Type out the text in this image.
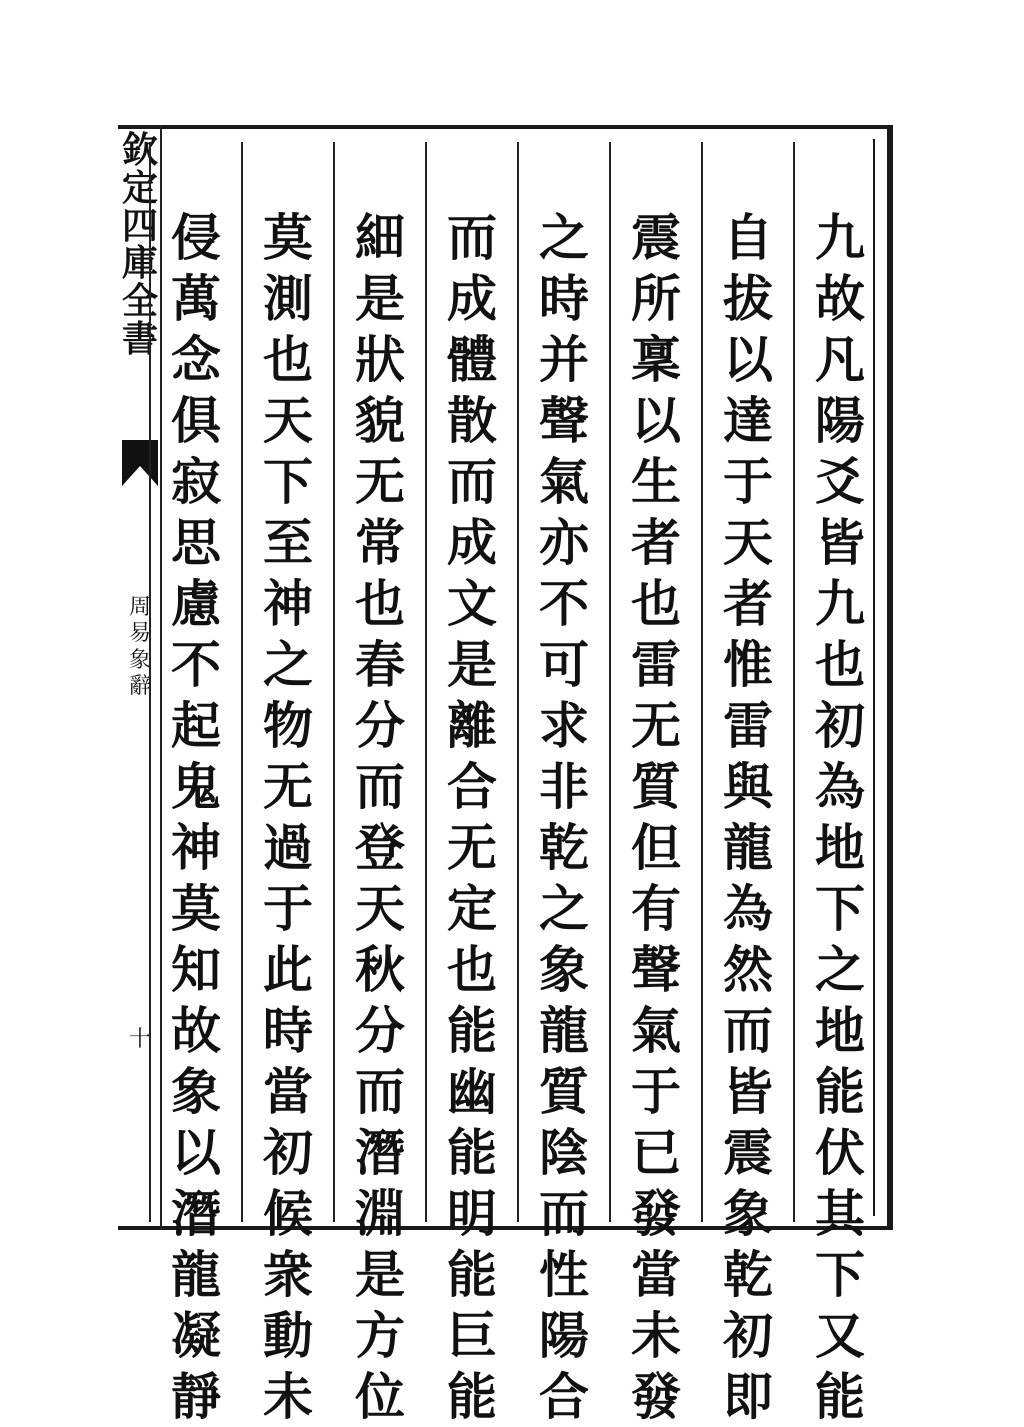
欽
定
四
庫
全
書
周
易
象
辭
十
九
故
凡
陽
爻
皆
九
也
初
為
地
下
之
地
能
伏
其
下
又
能
自
拔
以
達
于
天
者
惟
雷
與
龍
為
然
而
皆
震
象
乾
初
即
震
所
稟
以
生
者
也
雷
无
質
但
有
聲
氣
于
已
發
當
未
發
之
時
并
聲
氣
亦
不
可
求
非
乾
之
象
龍
質
陰
而
性
陽
合
而
成
體
散
而
成
文
是
離
合
无
定
也
能
幽
能
明
能
巨
能
細
是
狀
貌
无
常
也
春
分
而
登
天
秋
分
而
潛
淵
是
方
位
莫
測
也
天
下
至
神
之
物
无
過
于
此
時
當
初
候
衆
動
未
侵
萬
念
俱
寂
思
慮
不
起
鬼
神
莫
知
故
象
以
潛
龍
凝
靜
